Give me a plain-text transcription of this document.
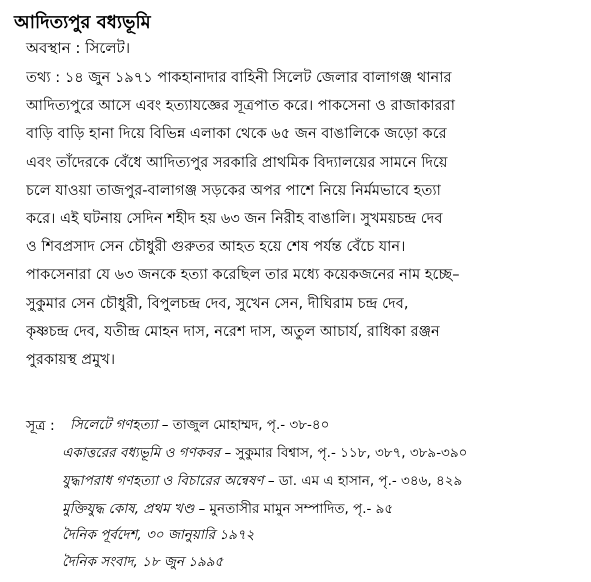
আদিত্যপুর বধ্যভূমি
অবস্থান : সিলেট।
তথ্য : ১৪ জুন ১৯৭১ পাকহানাদার বাহিনী সিলেট জেলার বালাগঞ্জ থানার
আদিত্যপুরে আসে এবং হত্যাযজ্ঞের সূত্রপাত করে। পাকসেনা ও রাজাকাররা
বাড়ি বাড়ি হানা দিয়ে বিভিন্ন এলাকা থেকে ৬৫ জন বাঙালিকে জড়ো করে
এবং তাঁদেরকে বেঁধে আদিত্যপুর সরকারি প্রাথমিক বিদ্যালয়ের সামনে দিয়ে
চলে যাওয়া তাজপুর-বালাগঞ্জ সড়কের অপর পাশে নিয়ে নির্মমভাবে হত্যা
করে। এই ঘটনায় সেদিন শহীদ হয় ৬৩ জন নিরীহ বাঙালি। সুখময়চন্দ্র দেব
ও শিবপ্রসাদ সেন চৌধুরী গুরুতর আহত হয়ে শেষ পর্যন্ত বেঁচে যান।
পাকসেনারা যে ৬৩ জনকে হত্যা করেছিল তার মধ্যে কয়েকজনের নাম হচ্ছে–
সুকুমার সেন চৌধুরী, বিপুলচন্দ্র দেব, সুখেন সেন, দীঘিরাম চন্দ্র দেব,
কৃষ্ণচন্দ্র দেব, যতীন্দ্র মোহন দাস, নরেশ দাস, অতুল আচার্য, রাধিকা রঞ্জন
পুরকায়স্থ প্রমুখ।
সূত্র : সিলেটে গণহত্যা – তাজুল মোহাম্মদ, পৃ.- ৩৮-৪০
একাত্তরের বধ্যভূমি ও গণকবর – সুকুমার বিশ্বাস, পৃ.- ১১৮, ৩৮৭, ৩৮৯-৩৯০
যুদ্ধাপরাধ গণহত্যা ও বিচারের অন্বেষণ – ডা. এম এ হাসান, পৃ.- ৩৪৬, ৪২৯
মুক্তিযুদ্ধ কোষ, প্রথম খণ্ড – মুনতাসীর মামুন সম্পাদিত, পৃ.- ৯৫
দৈনিক পূর্বদেশ, ৩০ জানুয়ারি ১৯৭২
দৈনিক সংবাদ, ১৮ জুন ১৯৯৫
